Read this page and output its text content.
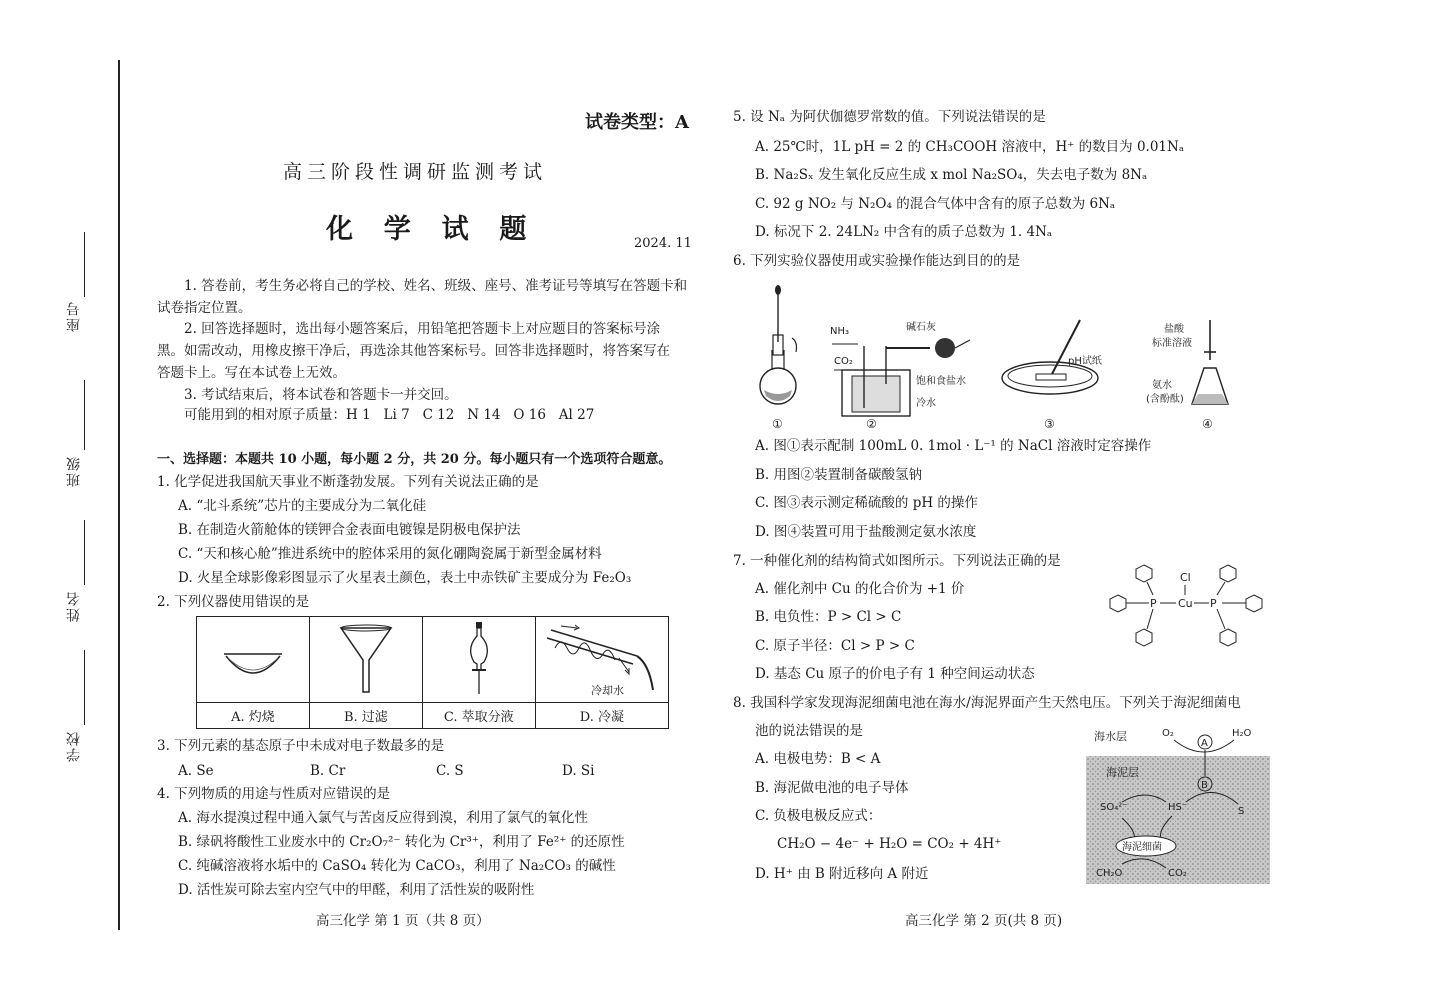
座号
班级
姓名
学校
试卷类型：A
高三阶段性调研监测考试
化  学  试  题	2024. 11
1. 答卷前，考生务必将自己的学校、姓名、班级、座号、准考证号等填写在答题卡和
试卷指定位置。
2. 回答选择题时，选出每小题答案后，用铅笔把答题卡上对应题目的答案标号涂
黑。如需改动，用橡皮擦干净后，再选涂其他答案标号。回答非选择题时，将答案写在
答题卡上。写在本试卷上无效。
3. 考试结束后，将本试卷和答题卡一并交回。
可能用到的相对原子质量：H 1   Li 7   C 12   N 14   O 16   Al 27
一、选择题：本题共 10 小题，每小题 2 分，共 20 分。每小题只有一个选项符合题意。
1. 化学促进我国航天事业不断蓬勃发展。下列有关说法正确的是
A. “北斗系统”芯片的主要成分为二氧化硅
B. 在制造火箭舱体的镁钾合金表面电镀镍是阴极电保护法
C. “天和核心舱”推进系统中的腔体采用的氮化硼陶瓷属于新型金属材料
D. 火星全球影像彩图显示了火星表土颜色，表土中赤铁矿主要成分为 Fe₂O₃
2. 下列仪器使用错误的是

冷却水

A. 灼烧	B. 过滤	C. 萃取分液	D. 冷凝
3. 下列元素的基态原子中未成对电子数最多的是
A. Se	B. Cr	C. S	D. Si
4. 下列物质的用途与性质对应错误的是
A. 海水提溴过程中通入氯气与苦卤反应得到溴，利用了氯气的氧化性
B. 绿矾将酸性工业废水中的 Cr₂O₇²⁻ 转化为 Cr³⁺，利用了 Fe²⁺ 的还原性
C. 纯碱溶液将水垢中的 CaSO₄ 转化为 CaCO₃，利用了 Na₂CO₃ 的碱性
D. 活性炭可除去室内空气中的甲醛，利用了活性炭的吸附性
高三化学 第 1 页（共 8 页）
5. 设 Nₐ 为阿伏伽德罗常数的值。下列说法错误的是
A. 25℃时，1L pH = 2 的 CH₃COOH 溶液中，H⁺ 的数目为 0.01Nₐ
B. Na₂Sₓ 发生氧化反应生成 x mol Na₂SO₄，失去电子数为 8Nₐ
C. 92 g NO₂ 与 N₂O₄ 的混合气体中含有的原子总数为 6Nₐ
D. 标况下 2. 24LN₂ 中含有的质子总数为 1. 4Nₐ
6. 下列实验仪器使用或实验操作能达到目的的是
①
NH₃
CO₂
碱石灰
饱和食盐水
冷水
②
pH试纸
③
盐酸
标准溶液
氨水
(含酚酞)
④
A. 图①表示配制 100mL 0. 1mol · L⁻¹ 的 NaCl 溶液时定容操作
B. 用图②装置制备碳酸氢钠
C. 图③表示测定稀硫酸的 pH 的操作
D. 图④装置可用于盐酸测定氨水浓度
7. 一种催化剂的结构简式如图所示。下列说法正确的是
A. 催化剂中 Cu 的化合价为 +1 价
B. 电负性：P > Cl > C
C. 原子半径：Cl > P > C
D. 基态 Cu 原子的价电子有 1 种空间运动状态
Cu
Cl
P	P
8. 我国科学家发现海泥细菌电池在海水/海泥界面产生天然电压。下列关于海泥细菌电
池的说法错误的是
A. 电极电势：B < A
B. 海泥做电池的电子导体
C. 负极电极反应式：
CH₂O − 4e⁻ + H₂O = CO₂ + 4H⁺
D. H⁺ 由 B 附近移向 A 附近
海水层	O₂
A
H₂O
海泥层
B
SO₄²⁻	HS⁻	S
海泥细菌
CH₂O	CO₂
高三化学 第 2 页(共 8 页)
